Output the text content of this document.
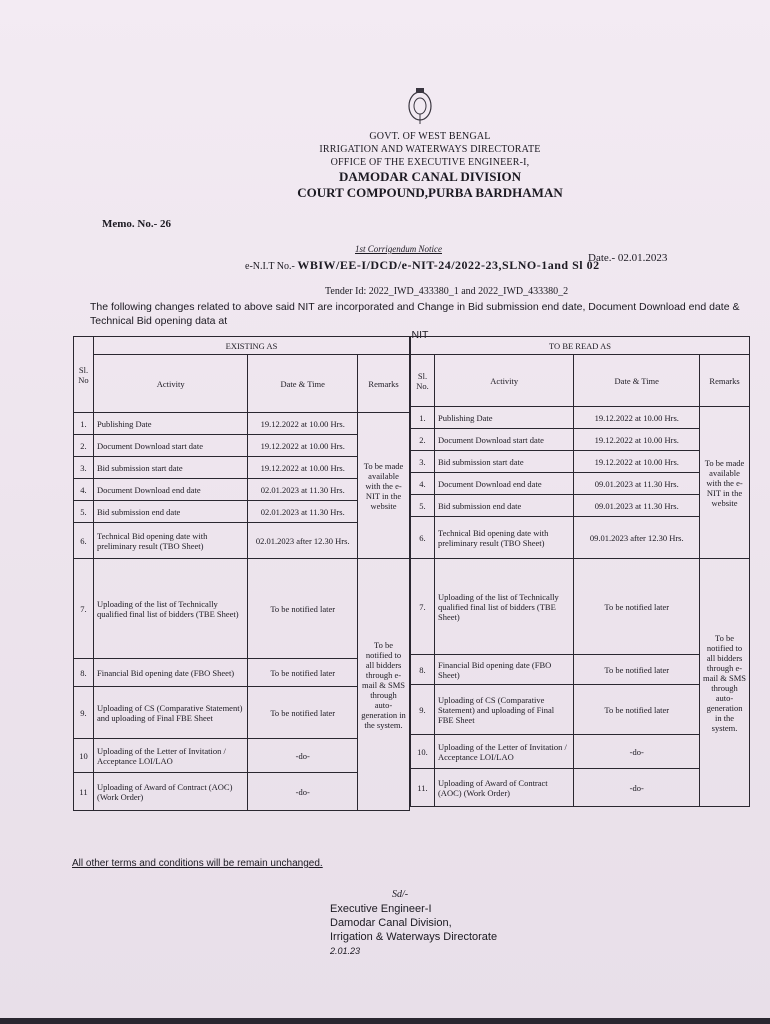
GOVT. OF WEST BENGAL
IRRIGATION AND WATERWAYS DIRECTORATE
OFFICE OF THE EXECUTIVE ENGINEER-I,
DAMODAR CANAL DIVISION
COURT COMPOUND,PURBA BARDHAMAN
Memo. No.- 26
1st Corrigendum Notice
Date.- 02.01.2023
e-N.I.T No.- WBIW/EE-I/DCD/e-NIT-24/2022-23,SLNO-1and Sl 02
Tender Id: 2022_IWD_433380_1 and 2022_IWD_433380_2
The following changes related to above said NIT are incorporated and Change in Bid submission end date, Document Download end date & Technical Bid opening data at
NIT
Sl. No	EXISTING AS		
	Activity	Date & Time	Remarks
1.	Publishing Date	19.12.2022 at 10.00 Hrs.	To be made available with the e-NIT in the website
2.	Document Download start date	19.12.2022 at 10.00 Hrs.	
3.	Bid submission start date	19.12.2022 at 10.00 Hrs.	
4.	Document Download end date	02.01.2023 at 11.30 Hrs.	
5.	Bid submission end date	02.01.2023 at 11.30 Hrs.	
6.	Technical Bid opening date with preliminary result (TBO Sheet)	02.01.2023 after 12.30 Hrs.	
7.	Uploading of the list of Technically qualified final list of bidders (TBE Sheet)	To be notified later	To be notified to all bidders through e-mail & SMS through auto-generation in the system.
8.	Financial Bid opening date (FBO Sheet)	To be notified later	
9.	Uploading of CS (Comparative Statement) and uploading of Final FBE Sheet	To be notified later	
10	Uploading of the Letter of Invitation / Acceptance LOI/LAO	-do-	
11	Uploading of Award of Contract (AOC) (Work Order)	-do-	
TO BE READ AS			
Sl. No.	Activity	Date & Time	Remarks
1.	Publishing Date	19.12.2022 at 10.00 Hrs.	To be made available with the e-NIT in the website
2.	Document Download start date	19.12.2022 at 10.00 Hrs.	
3.	Bid submission start date	19.12.2022 at 10.00 Hrs.	
4.	Document Download end date	09.01.2023 at 11.30 Hrs.	
5.	Bid submission end date	09.01.2023 at 11.30 Hrs.	
6.	Technical Bid opening date with preliminary result (TBO Sheet)	09.01.2023 after 12.30 Hrs.	
7.	Uploading of the list of Technically qualified final list of bidders (TBE Sheet)	To be notified later	To be notified to all bidders through e-mail & SMS through auto-generation in the system.
8.	Financial Bid opening date (FBO Sheet)	To be notified later	
9.	Uploading of CS (Comparative Statement) and uploading of Final FBE Sheet	To be notified later	
10.	Uploading of the Letter of Invitation / Acceptance LOI/LAO	-do-	
11.	Uploading of Award of Contract (AOC) (Work Order)	-do-	
All other terms and conditions will be remain unchanged.
Sd/-
Executive Engineer-I
Damodar Canal Division,
Irrigation & Waterways Directorate
2.01.23
